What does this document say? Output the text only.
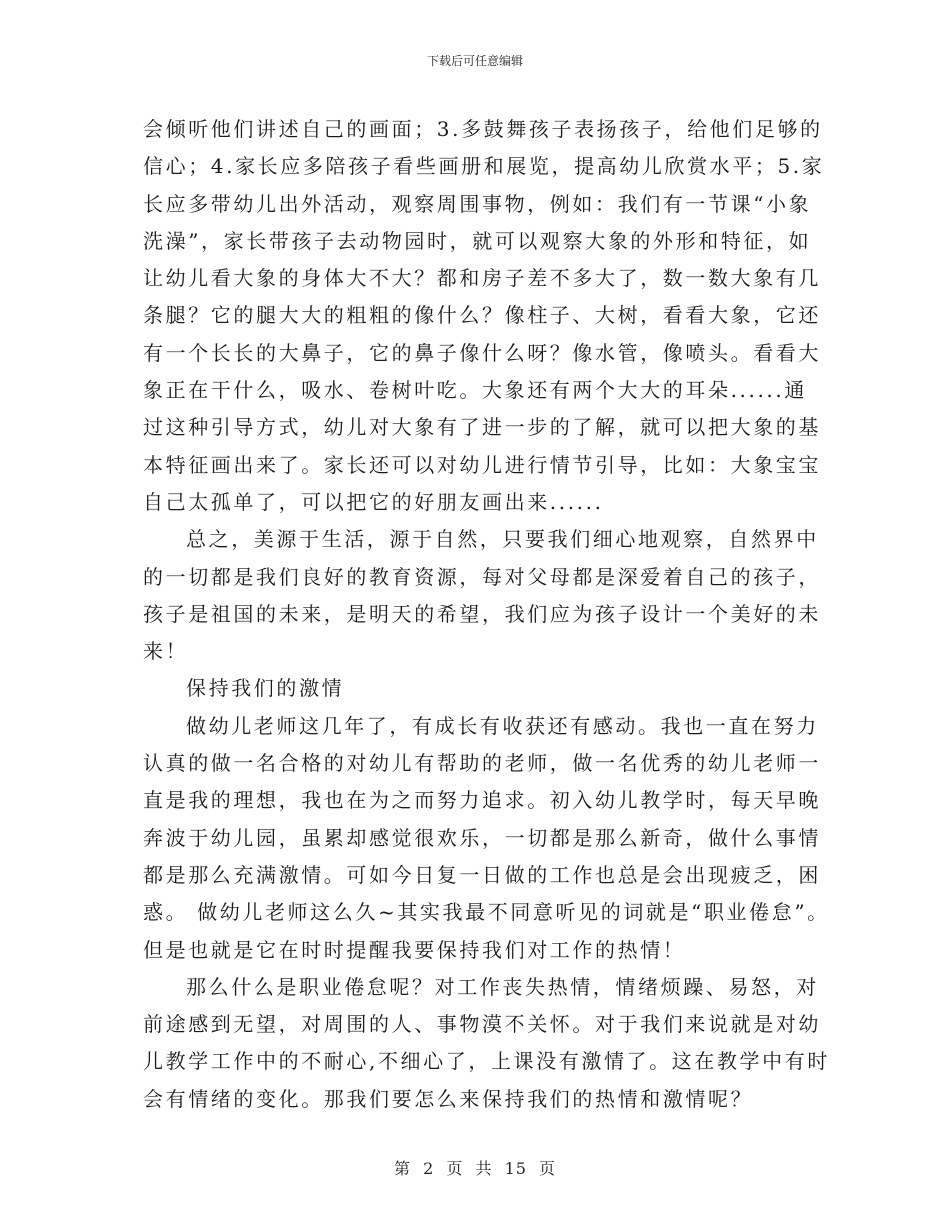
下载后可任意编辑
会倾听他们讲述自己的画面；3.多鼓舞孩子表扬孩子，给他们足够的
信心；4.家长应多陪孩子看些画册和展览，提高幼儿欣赏水平；5.家
长应多带幼儿出外活动，观察周围事物，例如：我们有一节课“小象
洗澡”，家长带孩子去动物园时，就可以观察大象的外形和特征，如
让幼儿看大象的身体大不大？都和房子差不多大了，数一数大象有几
条腿？它的腿大大的粗粗的像什么？像柱子、大树，看看大象，它还
有一个长长的大鼻子，它的鼻子像什么呀？像水管，像喷头。看看大
象正在干什么，吸水、卷树叶吃。大象还有两个大大的耳朵......通
过这种引导方式，幼儿对大象有了进一步的了解，就可以把大象的基
本特征画出来了。家长还可以对幼儿进行情节引导，比如：大象宝宝
自己太孤单了，可以把它的好朋友画出来......
总之，美源于生活，源于自然，只要我们细心地观察，自然界中
的一切都是我们良好的教育资源，每对父母都是深爱着自己的孩子，
孩子是祖国的未来，是明天的希望，我们应为孩子设计一个美好的未
来！
保持我们的激情
做幼儿老师这几年了，有成长有收获还有感动。我也一直在努力
认真的做一名合格的对幼儿有帮助的老师，做一名优秀的幼儿老师一
直是我的理想，我也在为之而努力追求。初入幼儿教学时，每天早晚
奔波于幼儿园，虽累却感觉很欢乐，一切都是那么新奇，做什么事情
都是那么充满激情。可如今日复一日做的工作也总是会出现疲乏，困
惑。 做幼儿老师这么久~其实我最不同意听见的词就是“职业倦怠”。
但是也就是它在时时提醒我要保持我们对工作的热情！
那么什么是职业倦怠呢？对工作丧失热情，情绪烦躁、易怒，对
前途感到无望，对周围的人、事物漠不关怀。对于我们来说就是对幼
儿教学工作中的不耐心,不细心了，上课没有激情了。这在教学中有时
会有情绪的变化。那我们要怎么来保持我们的热情和激情呢？
第 2 页 共 15 页
